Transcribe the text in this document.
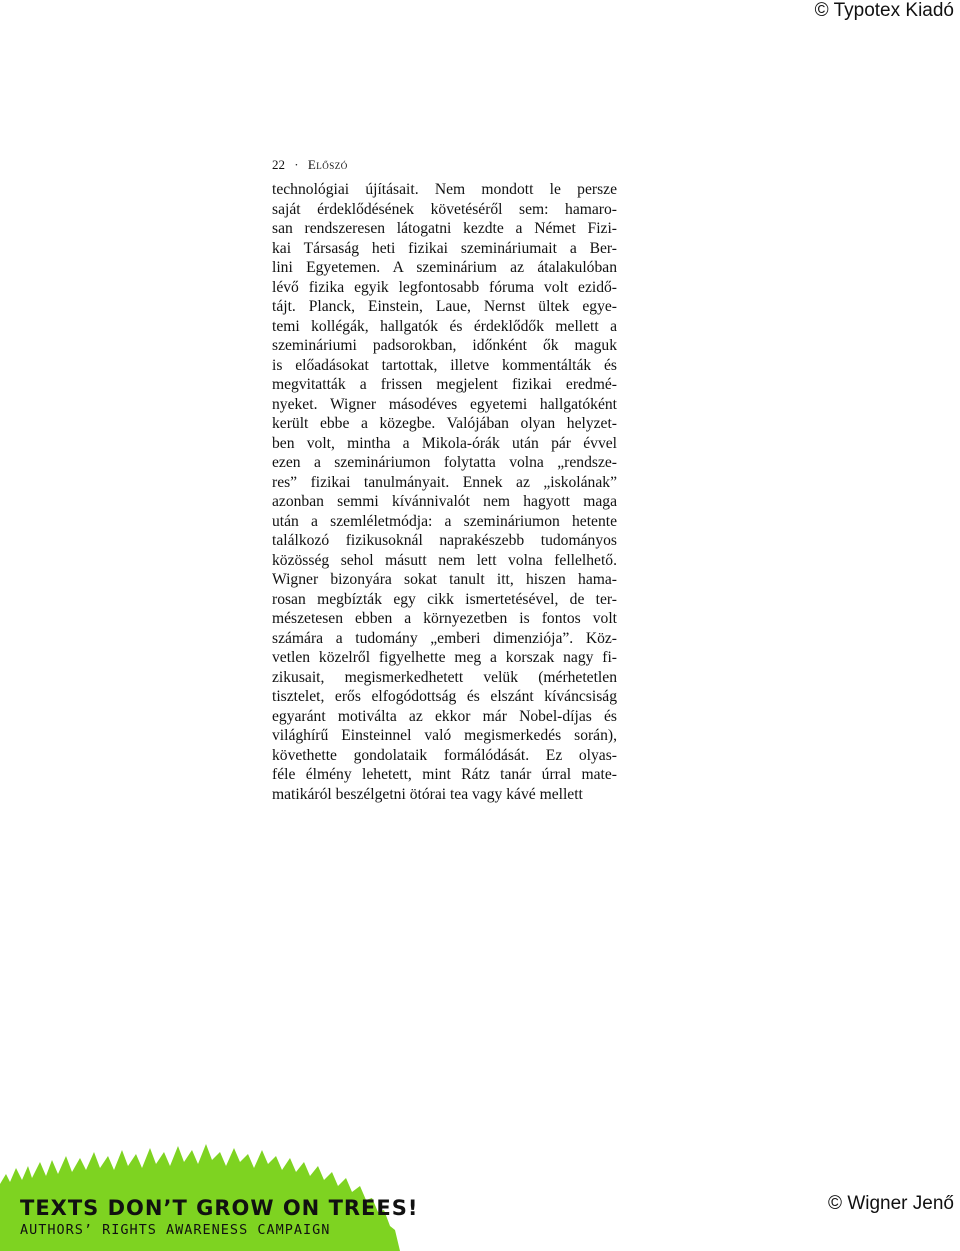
© Typotex Kiadó
22 · Előszó

technológiai újításait. Nem mondott le persze
saját érdeklődésének követéséről sem: hamaro-
san rendszeresen látogatni kezdte a Német Fizi-
kai Társaság heti fizikai szemináriumait a Ber-
lini Egyetemen. A szeminárium az átalakulóban
lévő fizika egyik legfontosabb fóruma volt ezidő-
tájt. Planck, Einstein, Laue, Nernst ültek egye-
temi kollégák, hallgatók és érdeklődők mellett a
szemináriumi padsorokban, időnként ők maguk
is előadásokat tartottak, illetve kommentálták és
megvitatták a frissen megjelent fizikai eredmé-
nyeket. Wigner másodéves egyetemi hallgatóként
került ebbe a közegbe. Valójában olyan helyzet-
ben volt, mintha a Mikola-órák után pár évvel
ezen a szemináriumon folytatta volna „rendsze-
res” fizikai tanulmányait. Ennek az „iskolának”
azonban semmi kívánnivalót nem hagyott maga
után a szemléletmódja: a szemináriumon hetente
találkozó fizikusoknál naprakészebb tudományos
közösség sehol másutt nem lett volna fellelhető.
Wigner bizonyára sokat tanult itt, hiszen hama-
rosan megbízták egy cikk ismertetésével, de ter-
mészetesen ebben a környezetben is fontos volt
számára a tudomány „emberi dimenziója”. Köz-
vetlen közelről figyelhette meg a korszak nagy fi-
zikusait, megismerkedhetett velük (mérhetetlen
tisztelet, erős elfogódottság és elszánt kíváncsiság
egyaránt motiválta az ekkor már Nobel-díjas és
világhírű Einsteinnel való megismerkedés során),
követhette gondolataik formálódását. Ez olyas-
féle élmény lehetett, mint Rátz tanár úrral mate-
matikáról beszélgetni ötórai tea vagy kávé mellett

TEXTS DON’T GROW ON TREES!
AUTHORS’ RIGHTS AWARENESS CAMPAIGN
© Wigner Jenő
